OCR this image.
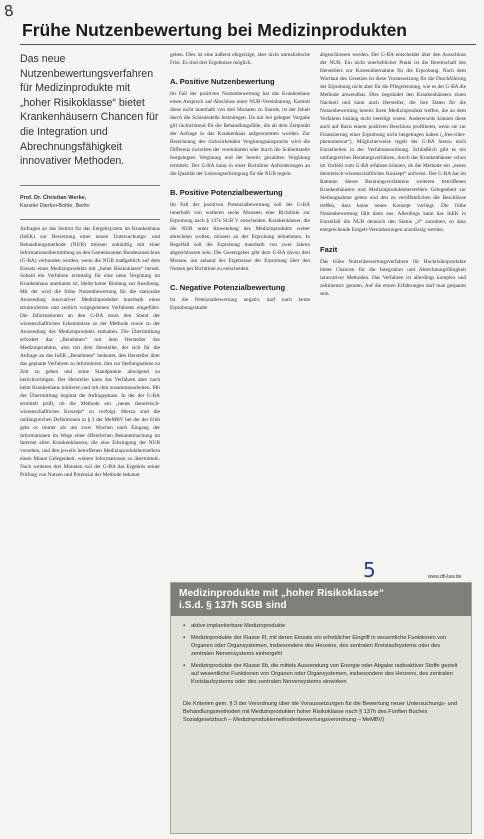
8
Frühe Nutzenbewertung bei Medizinprodukten

Das neue Nutzenbewertungsverfahren für Medizinprodukte mit „hoher Risikoklasse“ bietet Krankenhäusern Chancen für die Integration und Abrechnungsfähigkeit innovativer Methoden.

Prof. Dr. Christian Werke,
Kanzlei Dierks+Bohle, Berlin

Anfragen an das Institut für das Entgeltsystem im Krankenhaus (InEK) zur Bewertung einer neuen Untersuchungs- und Behandlungsmethode (NUB) müssen zukünftig mit einer Informationsübermittlung an den Gemeinsamen Bundesausschuss (G-BA) verbunden werden, wenn die NUB maßgeblich auf dem Einsatz eines Medizinprodukts mit „hoher Risikoklasse“ beruht. Sobald ein Verfahren erstmalig für eine neue Vergütung im Krankenhaus anerkannt ist, bleibt keine Bindung zur Ausübung. Mit der wird die frühe Nutzenbewertung für die stationäre Anwendung innovativer Medizinprodukte innerhalb eines strukturierten und zeitlich vorgegebenen Verfahrens eingeführt. Die Informationen an den G-BA muss den Stand der wissenschaftlichen Erkenntnisse zu der Methode sowie zu der Anwendung des Medizinprodukts enthalten. Die Übermittlung erfordert das „Benehmen“ mit dem Hersteller des Medizinprodukts, also mit dem Hersteller, der sich für die Anfrage an das InEK „Benehmen“ bedeutet, den Hersteller über das geplante Verfahren zu informieren, ihm zur Stellungnahme zu Zeit zu geben und seine Standpunkte abwägend zu berücksichtigen. Der Hersteller kann das Verfahren aber nach beim Krankenhaus initiieren und mit ihm zusammenarbeiten. Mit der Übermittlung beginnt die Anfragephase. In der der G-BA ermittelt prüft, ob die Methode ein „neues theoretisch-wissenschaftliches Konzept“ zu verfolgt. Hierzu sind die umfangreichen Definitionen in § 3 der MeMBV bei der der Früh geht es immer als um zwei Wochen nach Eingang der Informationen im Wege einer öffentlichen Bekanntmachung im Internet allen Krankenhäusern, die eine Erbringung der NUB vorsehen, und den jeweils betroffenen Medizinproduktherstellern einen Monat Gelegenheit, weitere Informationen zu übermitteln. Nach weiteren drei Monaten soll der G-BA das Ergebnis seiner Prüfung von Nutzen und Potenzial der Methode bekannt

geben. Dies ist eine äußerst ehrgeizige, aber nicht unrealistische Frist. Es sind drei Ergebnisse möglich.

A. Positive Nutzenbewertung

Im Fall der positiven Nutzenbewertung hat das Krankenhaus einen Anspruch auf Abschluss einer NUB-Vereinbarung. Kommt diese nicht innerhalb von drei Monaten zu Stande, ist der Inhalt durch die Schiedsstelle festzulegen. Da nur bei gelegter Vorgabe gilt rückwirkend für die Behandlungsfälle, die ab dem Zeitpunkt der Anfrage in das Krankenhaus aufgenommen worden. Zur Berechnung des rückwirkenden Vergütungsanspruchs wird die Differenz zwischen der vereinbarten oder durch die Schiedsstelle festgelegten Vergütung und der bereits gezahlten Vergütung ermittelt. Der G-BA kann in einer Richtlinie Anforderungen an die Qualität der Leistungserbringung für die NUB regeln.

B. Positive Potenzialbewertung

Im Fall der positiven Potenzialbewertung soll der G-BA innerhalb von weiteren sechs Monaten eine Richtlinie zur Erprobung nach § 137e SGB V entscheiden. Krankenhäuser, die die NUB unter Anwendung des Medizinprodukts weiter abrechnen wollen, müssen an der Erprobung teilnehmen. In Regelfall soll die Erprobung innerhalb von zwei Jahren abgeschlossen sein. Die Gesetzgeber gibt dem G-BA davon drei Monate, um anhand der Ergebnisse der Erprobung über den Nutzen per Richtlinie zu entscheiden.

C. Negative Potenzialbewertung

Ist die Potenzialbewertung negativ, darf nach keine Erprobungsstudie

abgeschlossen werden. Der G-BA entscheidet über den Ausschluss der NUB. Ein nicht unerheblicher Punkt ist die Bereitschaft des Herstellers zur Kostenübernahme für die Erprobung. Nach dem Wortlaut des Gesetzes ist diese Voraussetzung für die Durchführung der Erprobung nicht aber für die Pflegeleistung, wie es der G-BA die Methode anwendbar. Dies begründet den Krankenhäusern einen Nachteil und kann auch Hersteller, die ihre Daten für die Nutzenbewertung bereits ihren Medizinprodukt treffen, die an dem Verfahren bislang nicht beteiligt waren. Andererseits können diese auch auf Basis einem positiven Beschluss profitieren, wenn sie zur Finanzierung einer Erprobung nicht beigetragen haben („free-rider-phenomenon“). Möglicherweise regelt der G-BA hierzu noch Einzelheiten in der Verfahrensordnung. Schließlich gibt es ein umfangreiches Beratungsverfahren, durch das Krankenhäuser schon im Vorfeld vom G-BA erfahren können, ob die Methode ein „neues theoretisch-wissenschaftliches Konzept“ aufweist. Der G-BA hat im Rahmen dieses Beratungsverfahrens weiteren betroffenen Krankenhäusern und Medizinprodukteherstellern Gelegenheit zur Stellungnahme geben und den zu veröffentlichen die Beschlüsse treffen, dass keine neues Konzept vorliegt. Die frühe Nutzenbewertung fällt dann aus. Allerdings kann das InEK in Einzelfall die NUB dennoch den Status „4“ zuordnen, so dass entsprechende Entgelt-Vereinbarungen unzulässig werden.

Fazit

Das frühe Nutzenbewertungsverfahren für Hochrisikoprodukte bietet Chancen für die Integration und Abrechnungsfähigkeit innovativer Methoden. Das Verfahren ist allerdings komplex und zeitintensiv geraten. Auf die ersten Erfahrungen darf man gespannt sein.

5	www.db-law.de
Medizinprodukte mit „hoher Risikoklasse“
i.S.d. § 137h SGB sind
▪ aktive implantierbare Medizinprodukte
▪ Medizinprodukte der Klasse III, mit deren Einsatz ein erheblicher Eingriff in wesentliche Funktionen von Organen oder Organsystemen, insbesondere des Herzens, des zentralen Kreislaufsystems oder des zentralen Nervensystems einhergeht
▪ Medizinprodukte der Klasse IIb, die mittels Aussendung von Energie oder Abgabe radioaktiver Stoffe gezielt auf wesentliche Funktionen von Organen oder Organsystemen, insbesondere des Herzens, des zentralen Kreislaufsystems oder des zentralen Nervensystems einwirken

Die Kriterien gem. § 3 der Verordnung über die Voraussetzungen für die Bewertung neuer Untersuchungs- und Behandlungsmethoden mit Medizinprodukten hoher Risikoklasse nach § 137h des Fünften Buches Sozialgesetzbuch – Medizinproduktemethodenbewertungsverordnung – MeMBV)
